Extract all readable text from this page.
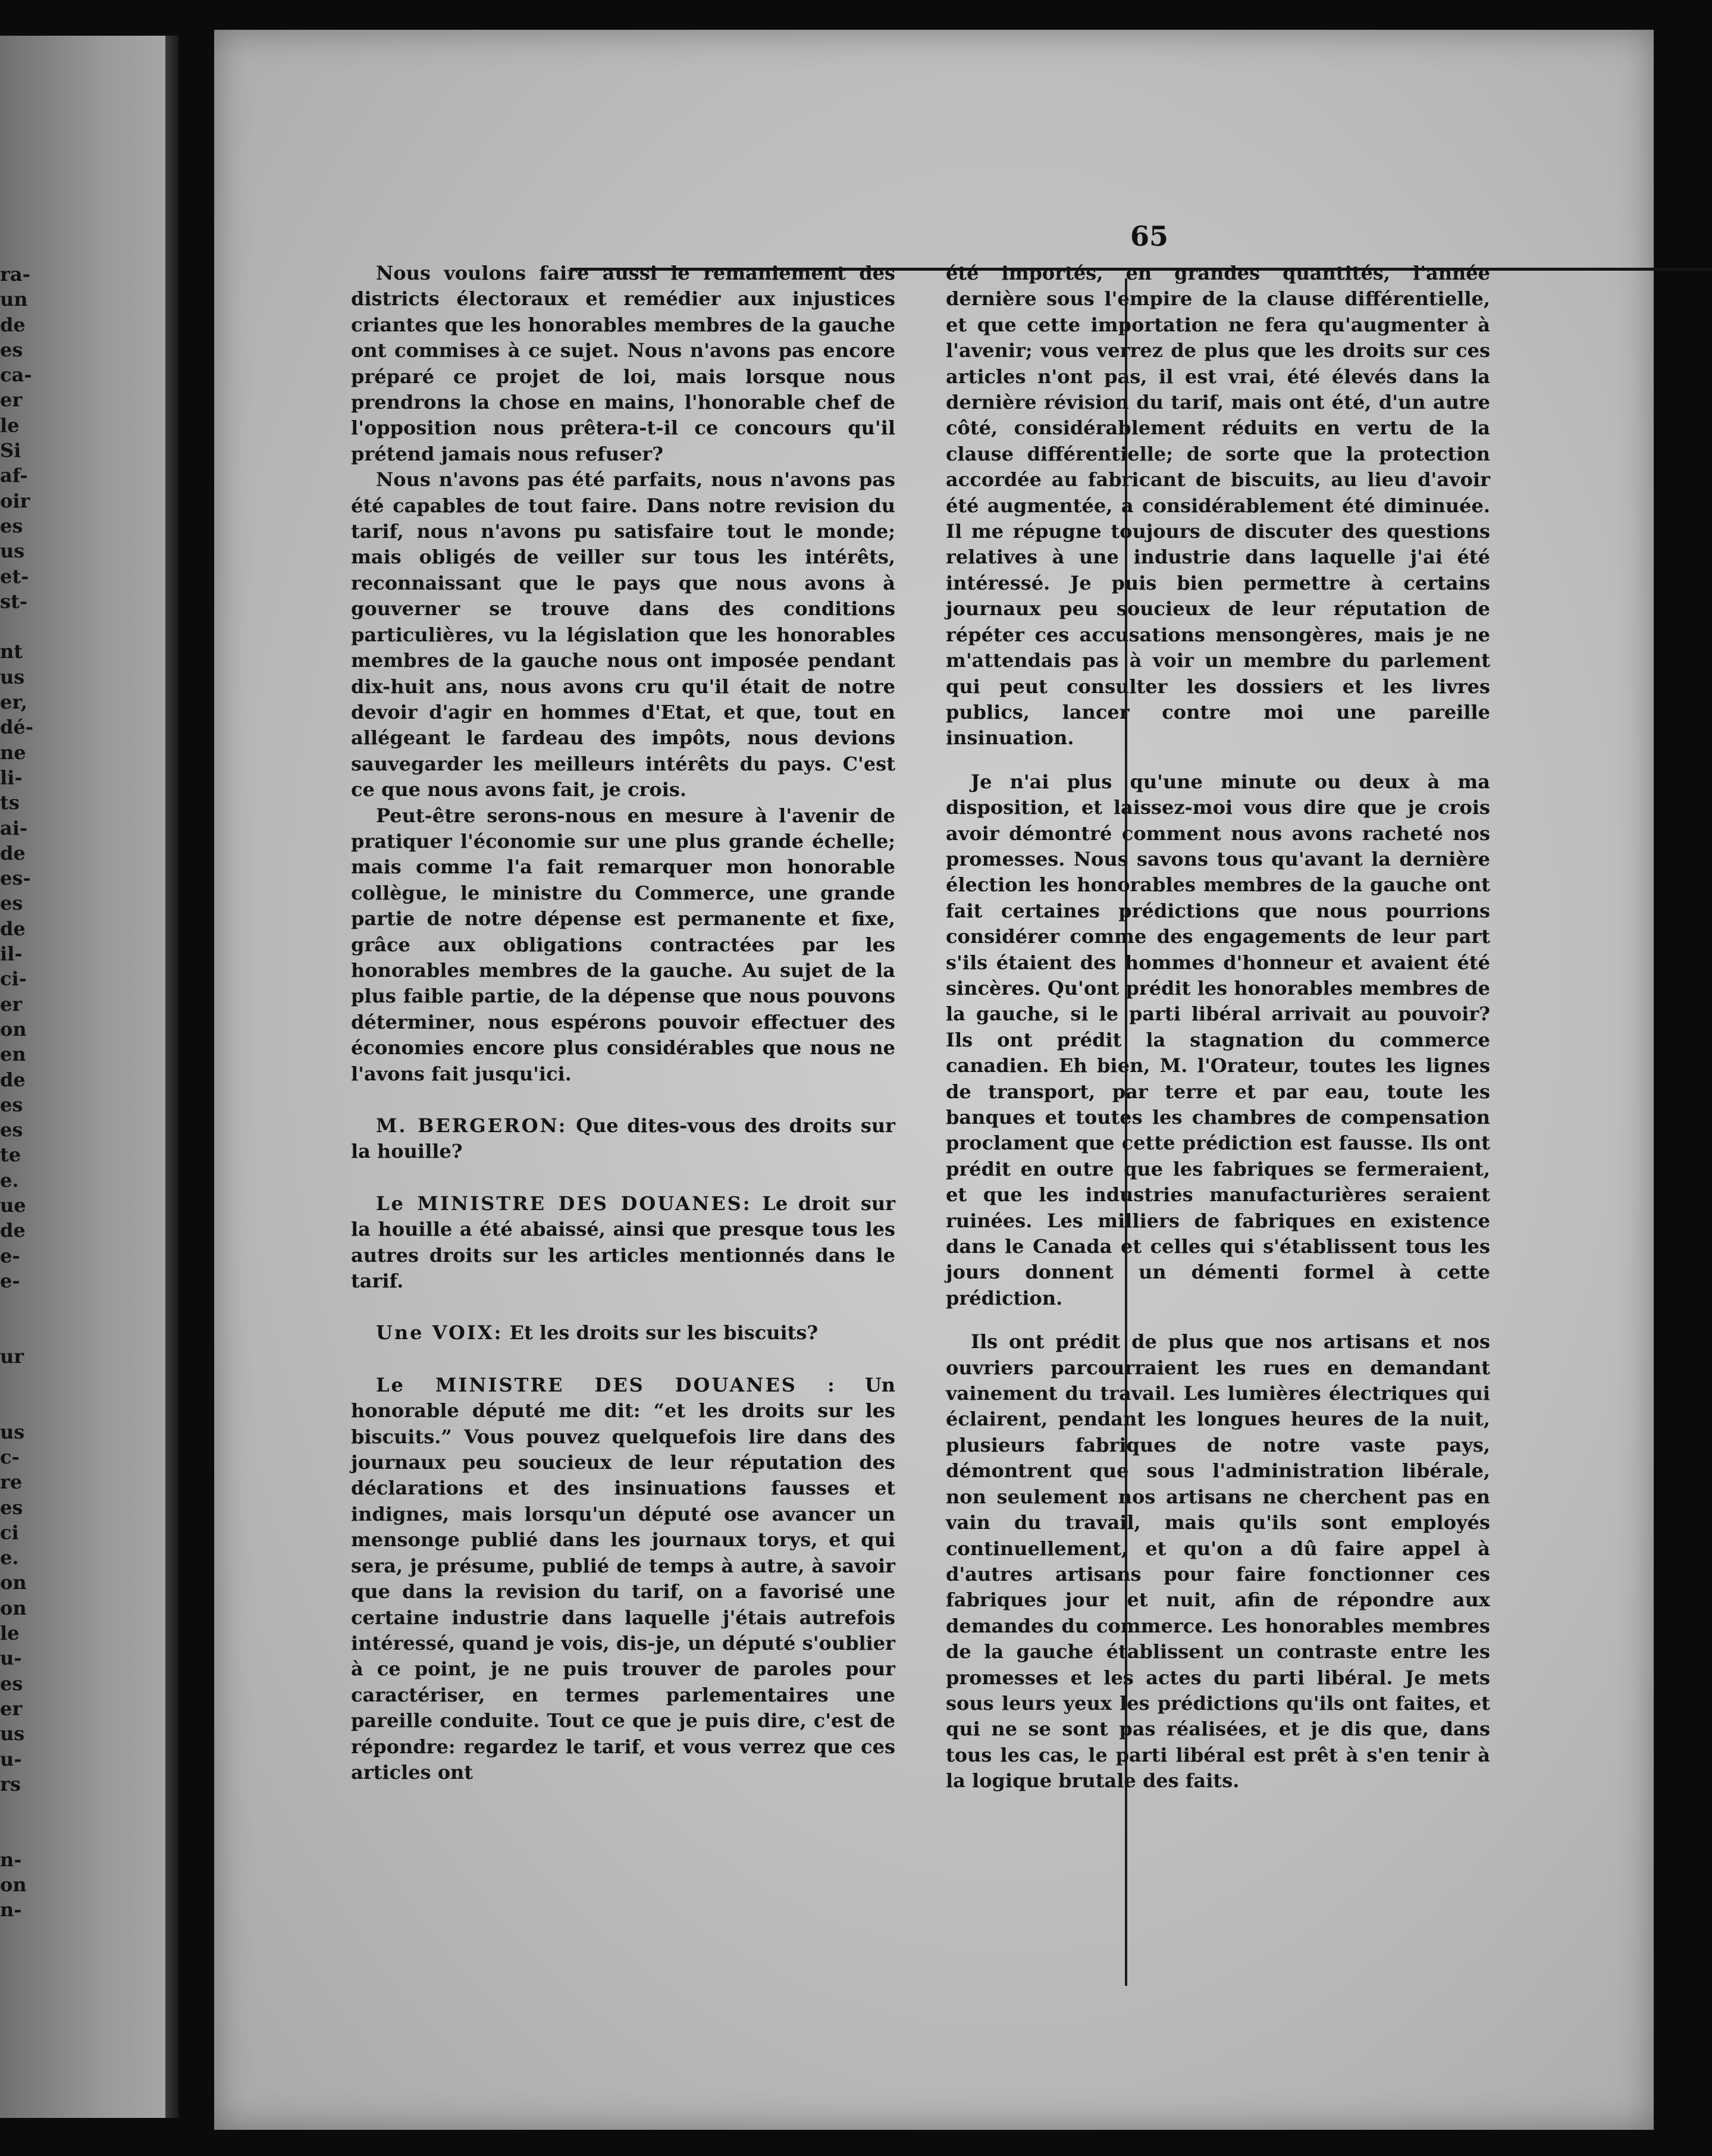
ra-
un
de
es
ca-
er
le
Si
af-
oir
es
us
et-
st-

nt
us
er,
dé-
ne
li-
ts
ai-
de
es-
es
de
il-
ci-
er
on
en
de
es
es
te
e.
ue
de
e-
e-

ur

us
c-
re
es
ci
e.
on
on
le
u-
es
er
us
u-
rs

n-
on
n-
65

Nous voulons faire aussi le remaniement des districts électoraux et remédier aux injustices criantes que les honorables membres de la gauche ont commises à ce sujet. Nous n'avons pas encore préparé ce projet de loi, mais lorsque nous prendrons la chose en mains, l'honorable chef de l'opposition nous prêtera-t-il ce concours qu'il prétend jamais nous refuser?

Nous n'avons pas été parfaits, nous n'avons pas été capables de tout faire. Dans notre revision du tarif, nous n'avons pu satisfaire tout le monde; mais obligés de veiller sur tous les intérêts, reconnaissant que le pays que nous avons à gouverner se trouve dans des conditions particulières, vu la législation que les honorables membres de la gauche nous ont imposée pendant dix-huit ans, nous avons cru qu'il était de notre devoir d'agir en hommes d'Etat, et que, tout en allégeant le fardeau des impôts, nous devions sauvegarder les meilleurs intérêts du pays. C'est ce que nous avons fait, je crois.

Peut-être serons-nous en mesure à l'avenir de pratiquer l'économie sur une plus grande échelle; mais comme l'a fait remarquer mon honorable collègue, le ministre du Commerce, une grande partie de notre dépense est permanente et fixe, grâce aux obligations contractées par les honorables membres de la gauche. Au sujet de la plus faible partie, de la dépense que nous pouvons déterminer, nous espérons pouvoir effectuer des économies encore plus considérables que nous ne l'avons fait jusqu'ici.

M. BERGERON: Que dites-vous des droits sur la houille?

Le MINISTRE DES DOUANES: Le droit sur la houille a été abaissé, ainsi que presque tous les autres droits sur les articles mentionnés dans le tarif.

Une VOIX: Et les droits sur les biscuits?

Le MINISTRE DES DOUANES : Un honorable député me dit: “et les droits sur les biscuits.” Vous pouvez quelquefois lire dans des journaux peu soucieux de leur réputation des déclarations et des insinuations fausses et indignes, mais lorsqu'un député ose avancer un mensonge publié dans les journaux torys, et qui sera, je présume, publié de temps à autre, à savoir que dans la revision du tarif, on a favorisé une certaine industrie dans laquelle j'étais autrefois intéressé, quand je vois, dis-je, un député s'oublier à ce point, je ne puis trouver de paroles pour caractériser, en termes parlementaires une pareille conduite. Tout ce que je puis dire, c'est de répondre: regardez le tarif, et vous verrez que ces articles ont

été importés, en grandes quantités, l'année dernière sous l'empire de la clause différentielle, et que cette importation ne fera qu'augmenter à l'avenir; vous verrez de plus que les droits sur ces articles n'ont pas, il est vrai, été élevés dans la dernière révision du tarif, mais ont été, d'un autre côté, considérablement réduits en vertu de la clause différentielle; de sorte que la protection accordée au fabricant de biscuits, au lieu d'avoir été augmentée, a considérablement été diminuée. Il me répugne toujours de discuter des questions relatives à une industrie dans laquelle j'ai été intéressé. Je puis bien permettre à certains journaux peu soucieux de leur réputation de répéter ces accusations mensongères, mais je ne m'attendais pas à voir un membre du parlement qui peut consulter les dossiers et les livres publics, lancer contre moi une pareille insinuation.

Je n'ai plus qu'une minute ou deux à ma disposition, et laissez-moi vous dire que je crois avoir démontré comment nous avons racheté nos promesses. Nous savons tous qu'avant la dernière élection les honorables membres de la gauche ont fait certaines prédictions que nous pourrions considérer comme des engagements de leur part s'ils étaient des hommes d'honneur et avaient été sincères. Qu'ont prédit les honorables membres de la gauche, si le parti libéral arrivait au pouvoir? Ils ont prédit la stagnation du commerce canadien. Eh bien, M. l'Orateur, toutes les lignes de transport, par terre et par eau, toute les banques et toutes les chambres de compensation proclament que cette prédiction est fausse. Ils ont prédit en outre que les fabriques se fermeraient, et que les industries manufacturières seraient ruinées. Les milliers de fabriques en existence dans le Canada et celles qui s'établissent tous les jours donnent un démenti formel à cette prédiction.

Ils ont prédit de plus que nos artisans et nos ouvriers parcourraient les rues en demandant vainement du travail. Les lumières électriques qui éclairent, pendant les longues heures de la nuit, plusieurs fabriques de notre vaste pays, démontrent que sous l'administration libérale, non seulement nos artisans ne cherchent pas en vain du travail, mais qu'ils sont employés continuellement, et qu'on a dû faire appel à d'autres artisans pour faire fonctionner ces fabriques jour et nuit, afin de répondre aux demandes du commerce. Les honorables membres de la gauche établissent un contraste entre les promesses et les actes du parti libéral. Je mets sous leurs yeux les prédictions qu'ils ont faites, et qui ne se sont pas réalisées, et je dis que, dans tous les cas, le parti libéral est prêt à s'en tenir à la logique brutale des faits.
